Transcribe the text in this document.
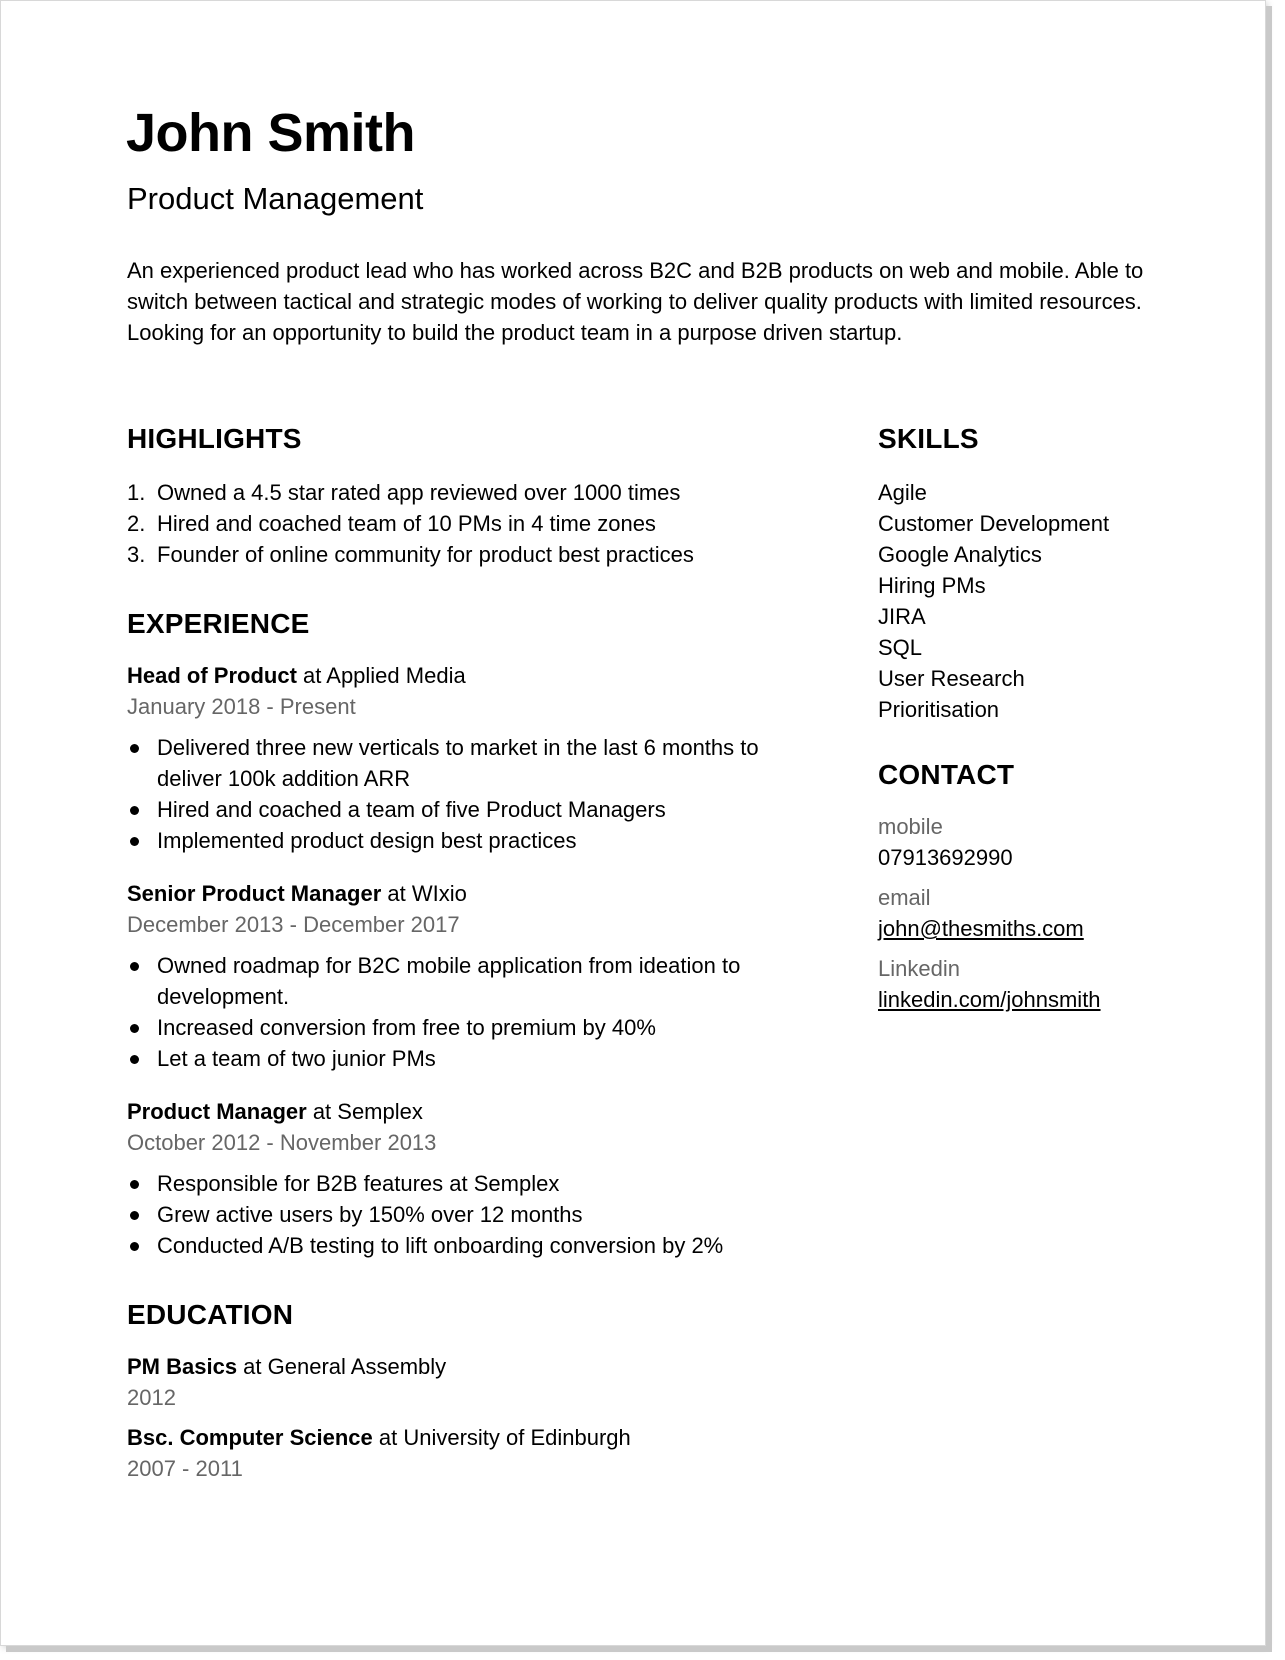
John Smith
Product Management

An experienced product lead who has worked across B2C and B2B products on web and mobile. Able to switch between tactical and strategic modes of working to deliver quality products with limited resources. Looking for an opportunity to build the product team in a purpose driven startup.

HIGHLIGHTS
1. Owned a 4.5 star rated app reviewed over 1000 times
2. Hired and coached team of 10 PMs in 4 time zones
3. Founder of online community for product best practices
EXPERIENCE
Head of Product at Applied Media
January 2018 - Present
Delivered three new verticals to market in the last 6 months to deliver 100k addition ARR
Hired and coached a team of five Product Managers
Implemented product design best practices
Senior Product Manager at WIxio
December 2013 - December 2017
Owned roadmap for B2C mobile application from ideation to development.
Increased conversion from free to premium by 40%
Let a team of two junior PMs
Product Manager at Semplex
October 2012 - November 2013
Responsible for B2B features at Semplex
Grew active users by 150% over 12 months
Conducted A/B testing to lift onboarding conversion by 2%
EDUCATION
PM Basics at General Assembly
2012
Bsc. Computer Science at University of Edinburgh
2007 - 2011
SKILLS
Agile
Customer Development
Google Analytics
Hiring PMs
JIRA
SQL
User Research
Prioritisation
CONTACT
mobile
07913692990
email
john@thesmiths.com
Linkedin
linkedin.com/johnsmith
